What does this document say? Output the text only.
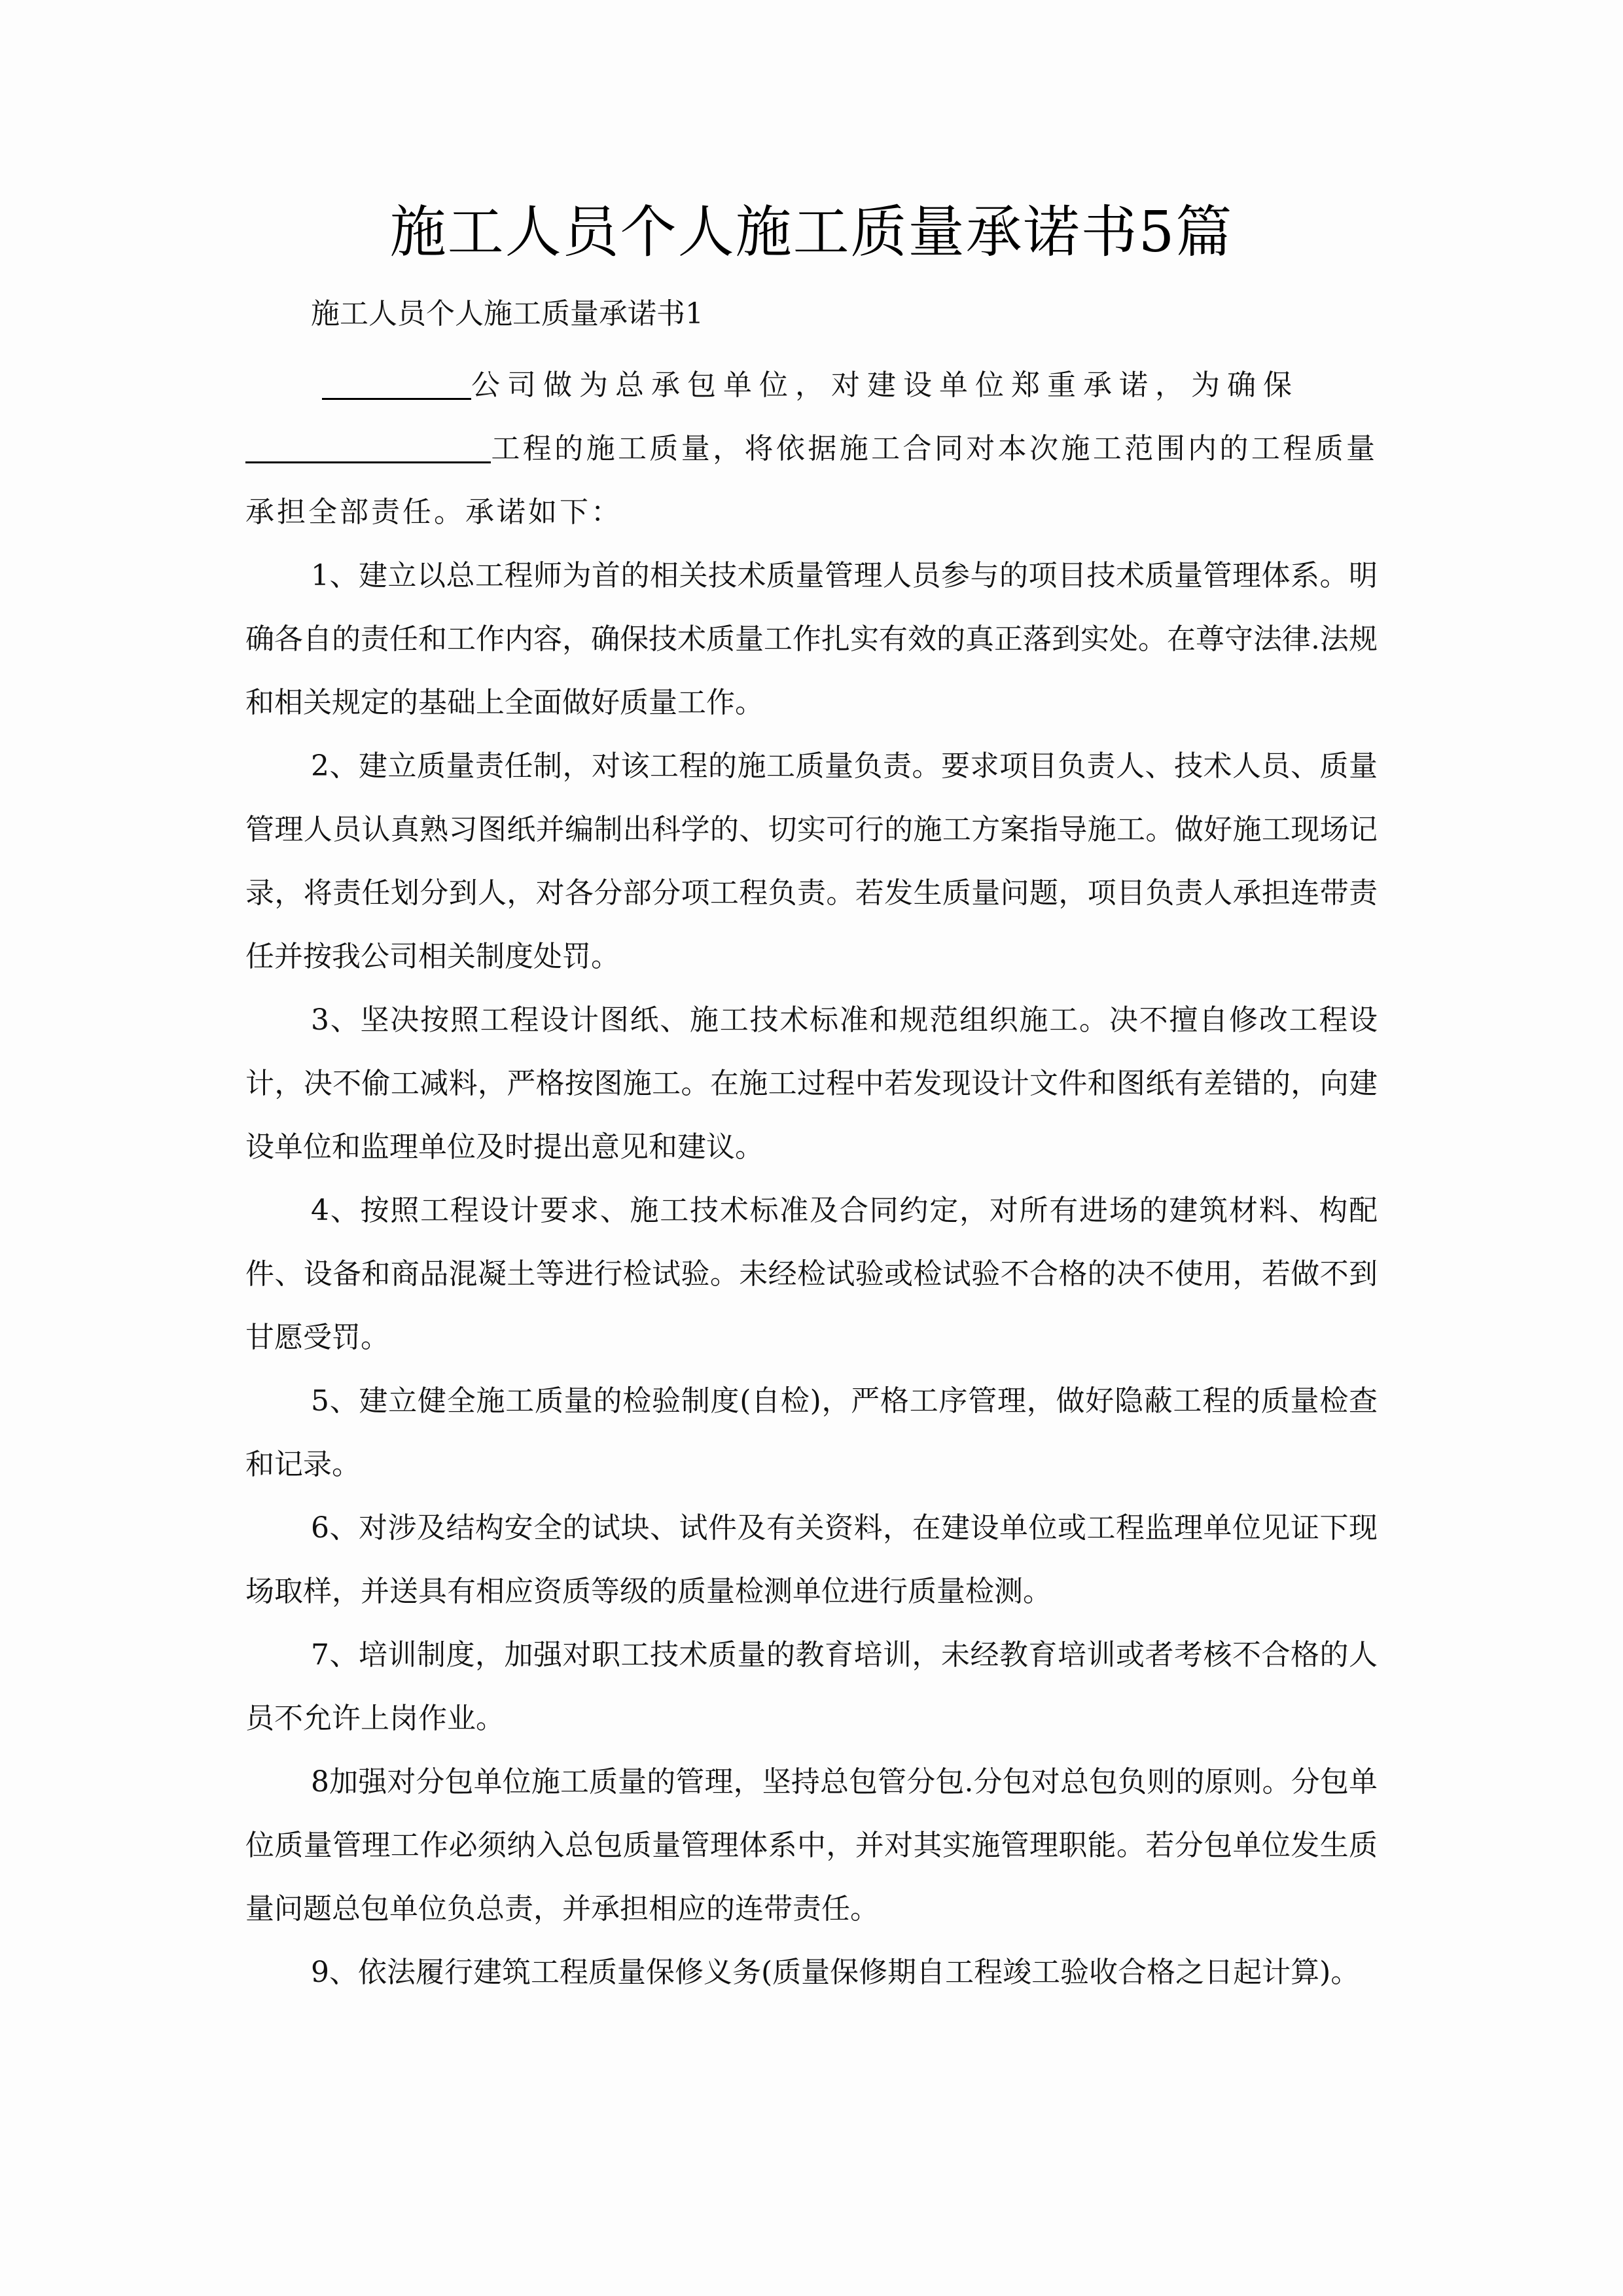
施工人员个人施工质量承诺书5篇
施工人员个人施工质量承诺书1

公司做为总承包单位，对建设单位郑重承诺，为确保
工程的施工质量，将依据施工合同对本次施工范围内的工程质量承担全部责任。承诺如下：

1、建立以总工程师为首的相关技术质量管理人员参与的项目技术质量管理体系。明确各自的责任和工作内容，确保技术质量工作扎实有效的真正落到实处。在尊守法律.法规和相关规定的基础上全面做好质量工作。

2、建立质量责任制，对该工程的施工质量负责。要求项目负责人、技术人员、质量管理人员认真熟习图纸并编制出科学的、切实可行的施工方案指导施工。做好施工现场记录，将责任划分到人，对各分部分项工程负责。若发生质量问题，项目负责人承担连带责任并按我公司相关制度处罚。

3、坚决按照工程设计图纸、施工技术标准和规范组织施工。决不擅自修改工程设计，决不偷工减料，严格按图施工。在施工过程中若发现设计文件和图纸有差错的，向建设单位和监理单位及时提出意见和建议。

4、按照工程设计要求、施工技术标准及合同约定，对所有进场的建筑材料、构配件、设备和商品混凝土等进行检试验。未经检试验或检试验不合格的决不使用，若做不到甘愿受罚。

5、建立健全施工质量的检验制度(自检)，严格工序管理，做好隐蔽工程的质量检查和记录。

6、对涉及结构安全的试块、试件及有关资料，在建设单位或工程监理单位见证下现场取样，并送具有相应资质等级的质量检测单位进行质量检测。

7、培训制度，加强对职工技术质量的教育培训，未经教育培训或者考核不合格的人员不允许上岗作业。

8加强对分包单位施工质量的管理，坚持总包管分包.分包对总包负则的原则。分包单位质量管理工作必须纳入总包质量管理体系中，并对其实施管理职能。若分包单位发生质量问题总包单位负总责，并承担相应的连带责任。

9、依法履行建筑工程质量保修义务(质量保修期自工程竣工验收合格之日起计算)。
